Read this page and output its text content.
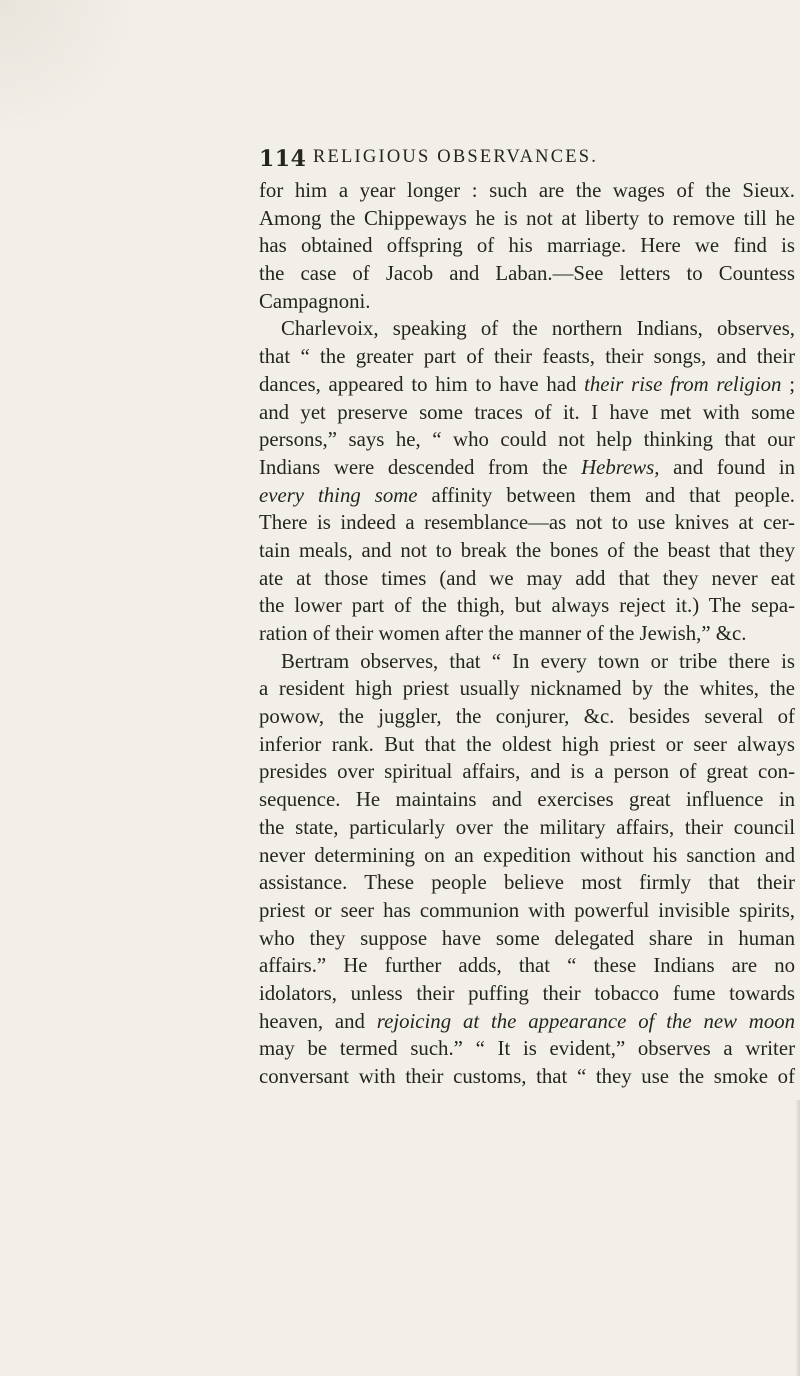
114 RELIGIOUS OBSERVANCES.
for him a year longer : such are the wages of the Sieux.
Among the Chippeways he is not at liberty to remove till he
has obtained offspring of his marriage. Here we find is
the case of Jacob and Laban.—See letters to Countess
Campagnoni.
Charlevoix, speaking of the northern Indians, observes,
that “ the greater part of their feasts, their songs, and their
dances, appeared to him to have had their rise from religion ;
and yet preserve some traces of it. I have met with some
persons,” says he, “ who could not help thinking that our
Indians were descended from the Hebrews, and found in
every thing some affinity between them and that people.
There is indeed a resemblance—as not to use knives at cer-
tain meals, and not to break the bones of the beast that they
ate at those times (and we may add that they never eat
the lower part of the thigh, but always reject it.) The sepa-
ration of their women after the manner of the Jewish,” &c.
Bertram observes, that “ In every town or tribe there is
a resident high priest usually nicknamed by the whites, the
powow, the juggler, the conjurer, &c. besides several of
inferior rank. But that the oldest high priest or seer always
presides over spiritual affairs, and is a person of great con-
sequence. He maintains and exercises great influence in
the state, particularly over the military affairs, their council
never determining on an expedition without his sanction and
assistance. These people believe most firmly that their
priest or seer has communion with powerful invisible spirits,
who they suppose have some delegated share in human
affairs.” He further adds, that “ these Indians are no
idolators, unless their puffing their tobacco fume towards
heaven, and rejoicing at the appearance of the new moon
may be termed such.” “ It is evident,” observes a writer
conversant with their customs, that “ they use the smoke of
